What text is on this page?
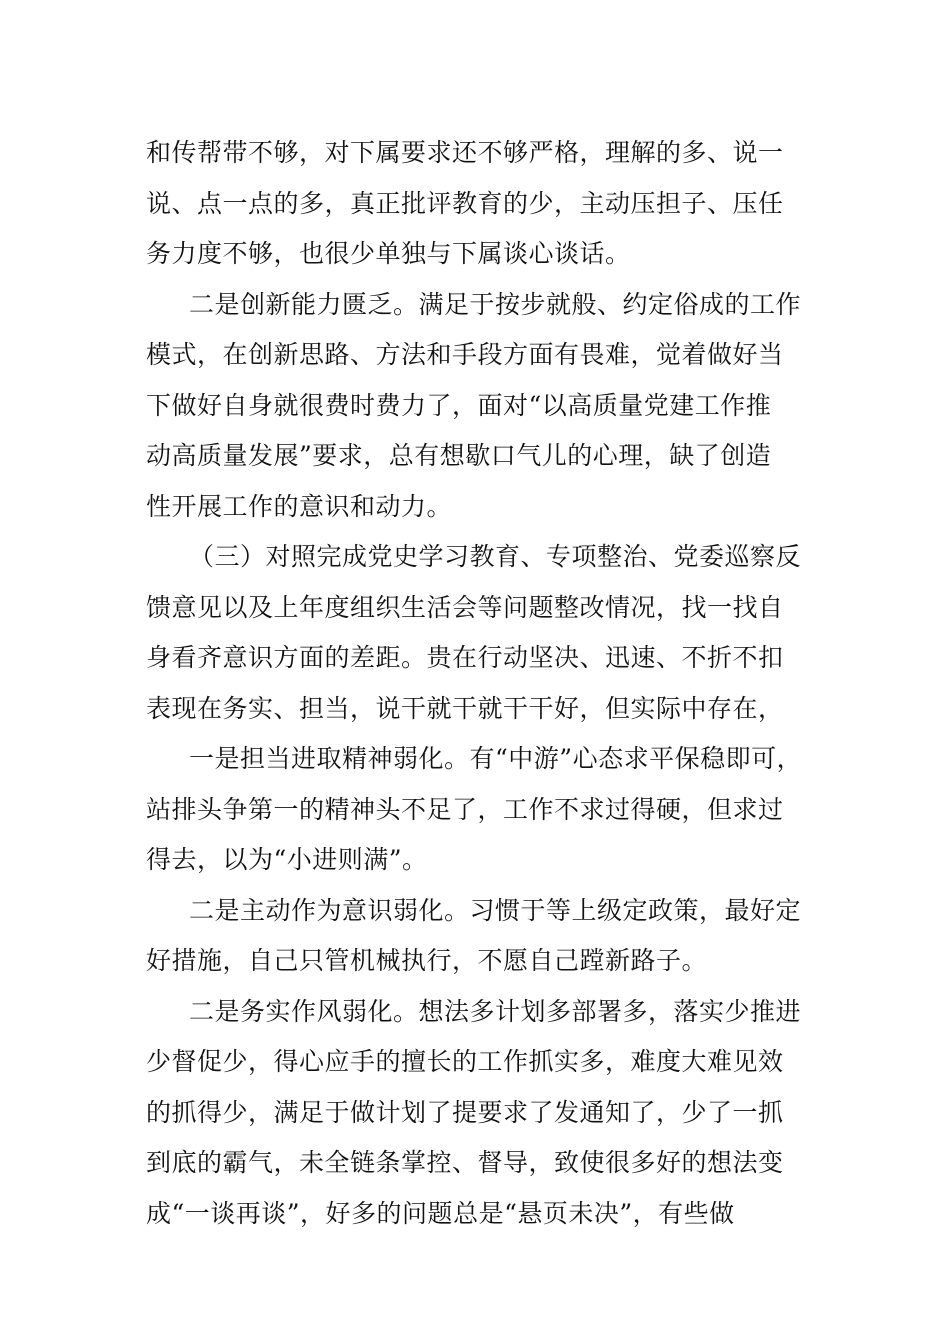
和传帮带不够，对下属要求还不够严格，理解的多、说一
说、点一点的多，真正批评教育的少，主动压担子、压任
务力度不够，也很少单独与下属谈心谈话。
二是创新能力匮乏。满足于按步就般、约定俗成的工作
模式，在创新思路、方法和手段方面有畏难，觉着做好当
下做好自身就很费时费力了，面对“以高质量党建工作推
动高质量发展”要求，总有想歇口气儿的心理，缺了创造
性开展工作的意识和动力。
（三）对照完成党史学习教育、专项整治、党委巡察反
馈意见以及上年度组织生活会等问题整改情况，找一找自
身看齐意识方面的差距。贵在行动坚决、迅速、不折不扣
表现在务实、担当，说干就干就干干好，但实际中存在，
一是担当进取精神弱化。有“中游”心态求平保稳即可，
站排头争第一的精神头不足了，工作不求过得硬，但求过
得去，以为“小进则满”。
二是主动作为意识弱化。习惯于等上级定政策，最好定
好措施，自己只管机械执行，不愿自己蹚新路子。
二是务实作风弱化。想法多计划多部署多，落实少推进
少督促少，得心应手的擅长的工作抓实多，难度大难见效
的抓得少，满足于做计划了提要求了发通知了，少了一抓
到底的霸气，未全链条掌控、督导，致使很多好的想法变
成“一谈再谈”，好多的问题总是“悬页未决”，有些做
